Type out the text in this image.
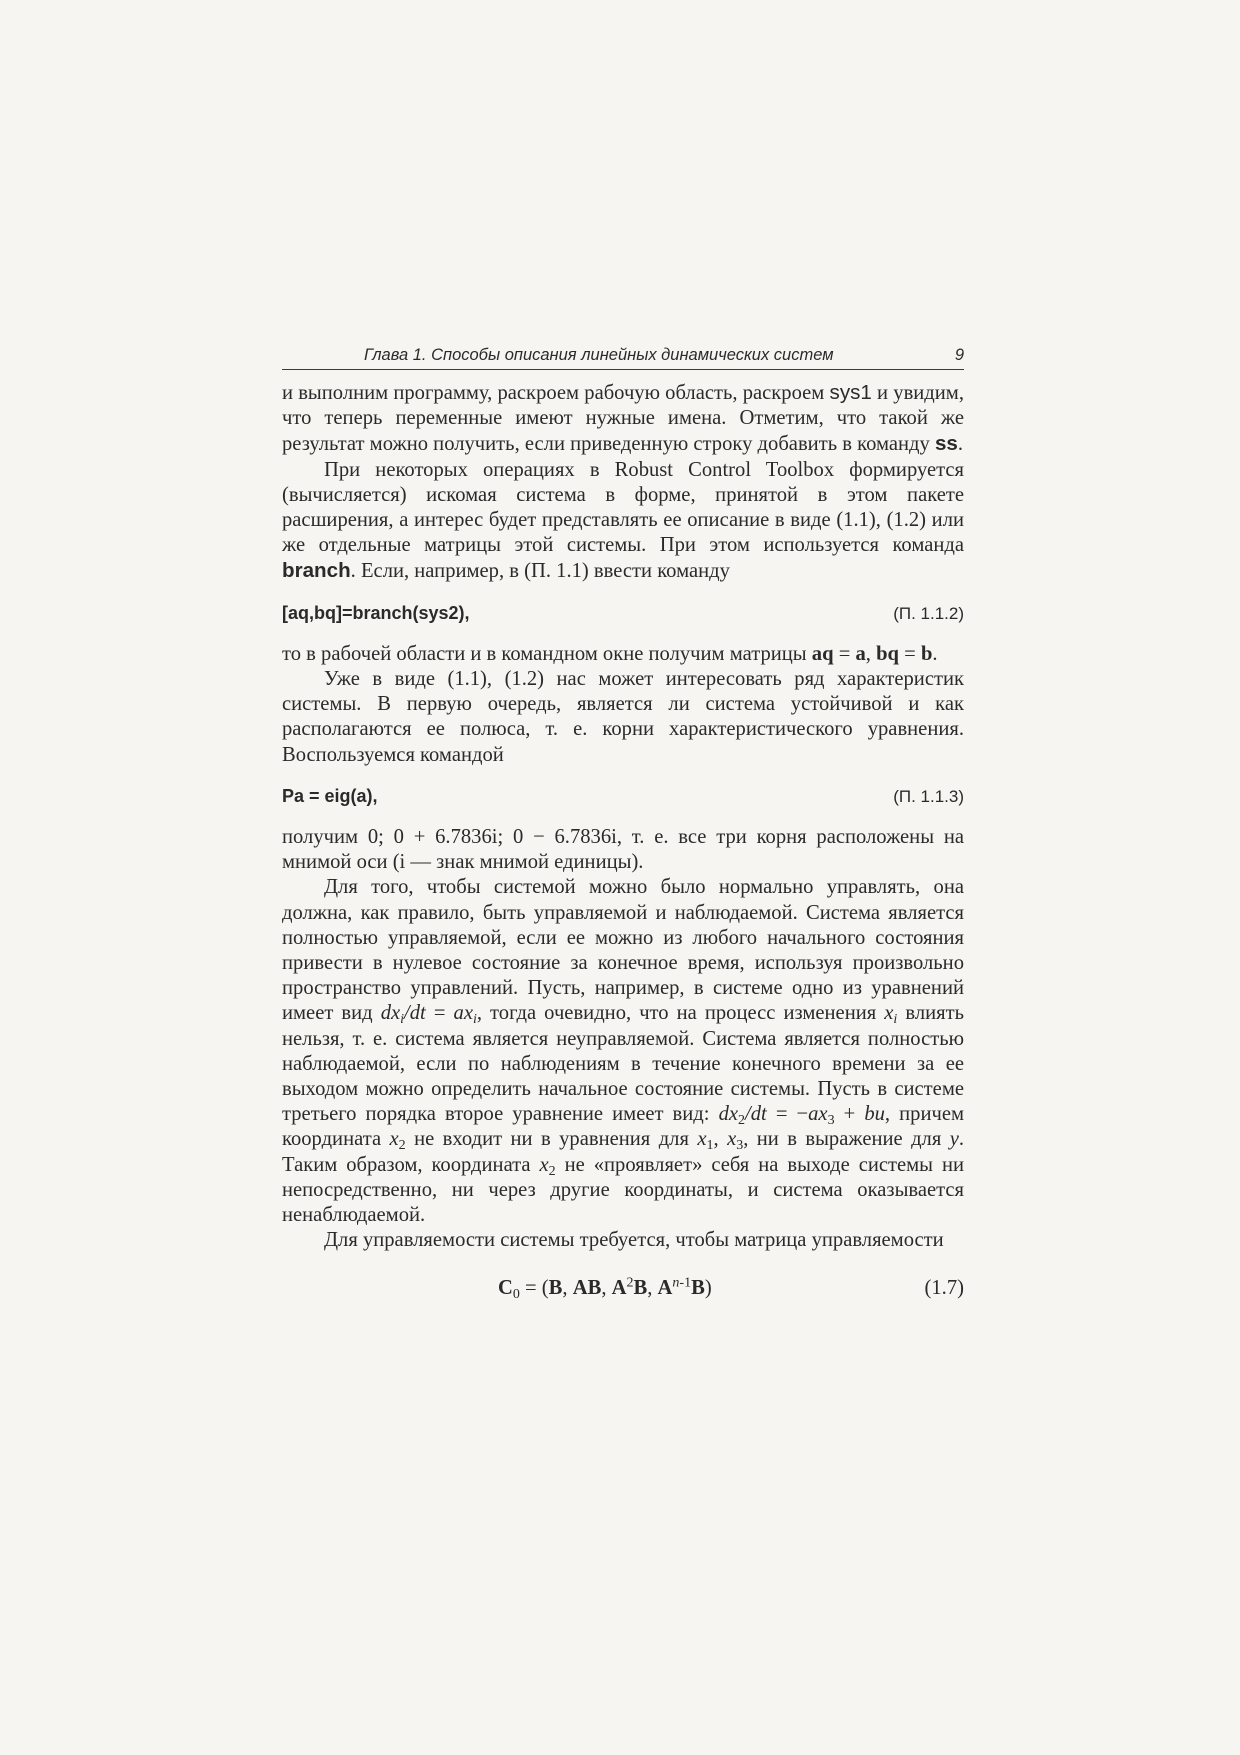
Глава 1. Способы описания линейных динамических систем	9

и выполним программу, раскроем рабочую область, раскроем sys1 и увидим, что теперь переменные имеют нужные имена. Отметим, что такой же результат можно получить, если приведенную строку добавить в команду ss.

При некоторых операциях в Robust Control Toolbox формируется (вычисляется) искомая система в форме, принятой в этом пакете расширения, а интерес будет представлять ее описание в виде (1.1), (1.2) или же отдельные матрицы этой системы. При этом используется команда branch. Если, например, в (П. 1.1) ввести команду

[aq,bq]=branch(sys2),	(П. 1.1.2)

то в рабочей области и в командном окне получим матрицы aq = a, bq = b.

Уже в виде (1.1), (1.2) нас может интересовать ряд характеристик системы. В первую очередь, является ли система устойчивой и как располагаются ее полюса, т. е. корни характеристического уравнения. Воспользуемся командой

Pa = eig(a),	(П. 1.1.3)

получим 0; 0 + 6.7836i; 0 − 6.7836i, т. е. все три корня расположены на мнимой оси (i — знак мнимой единицы).

Для того, чтобы системой можно было нормально управлять, она должна, как правило, быть управляемой и наблюдаемой. Система является полностью управляемой, если ее можно из любого начального состояния привести в нулевое состояние за конечное время, используя произвольно пространство управлений. Пусть, например, в системе одно из уравнений имеет вид $dx_i/dt = ax_i$, тогда очевидно, что на процесс изменения $x_i$ влиять нельзя, т. е. система является неуправляемой. Система является полностью наблюдаемой, если по наблюдениям в течение конечного времени за ее выходом можно определить начальное состояние системы. Пусть в системе третьего порядка второе уравнение имеет вид: $dx_2/dt = -ax_3$ + bu, причем координата $x_2$ не входит ни в уравнения для $x_1$, $x_3$, ни в выражение для y. Таким образом, координата $x_2$ не «проявляет» себя на выходе системы ни непосредственно, ни через другие координаты, и система оказывается ненаблюдаемой.

Для управляемости системы требуется, чтобы матрица управляемости

$C_0 = (B$, AB, $A^2B$, $A^{n-1}B$)	(1.7)
